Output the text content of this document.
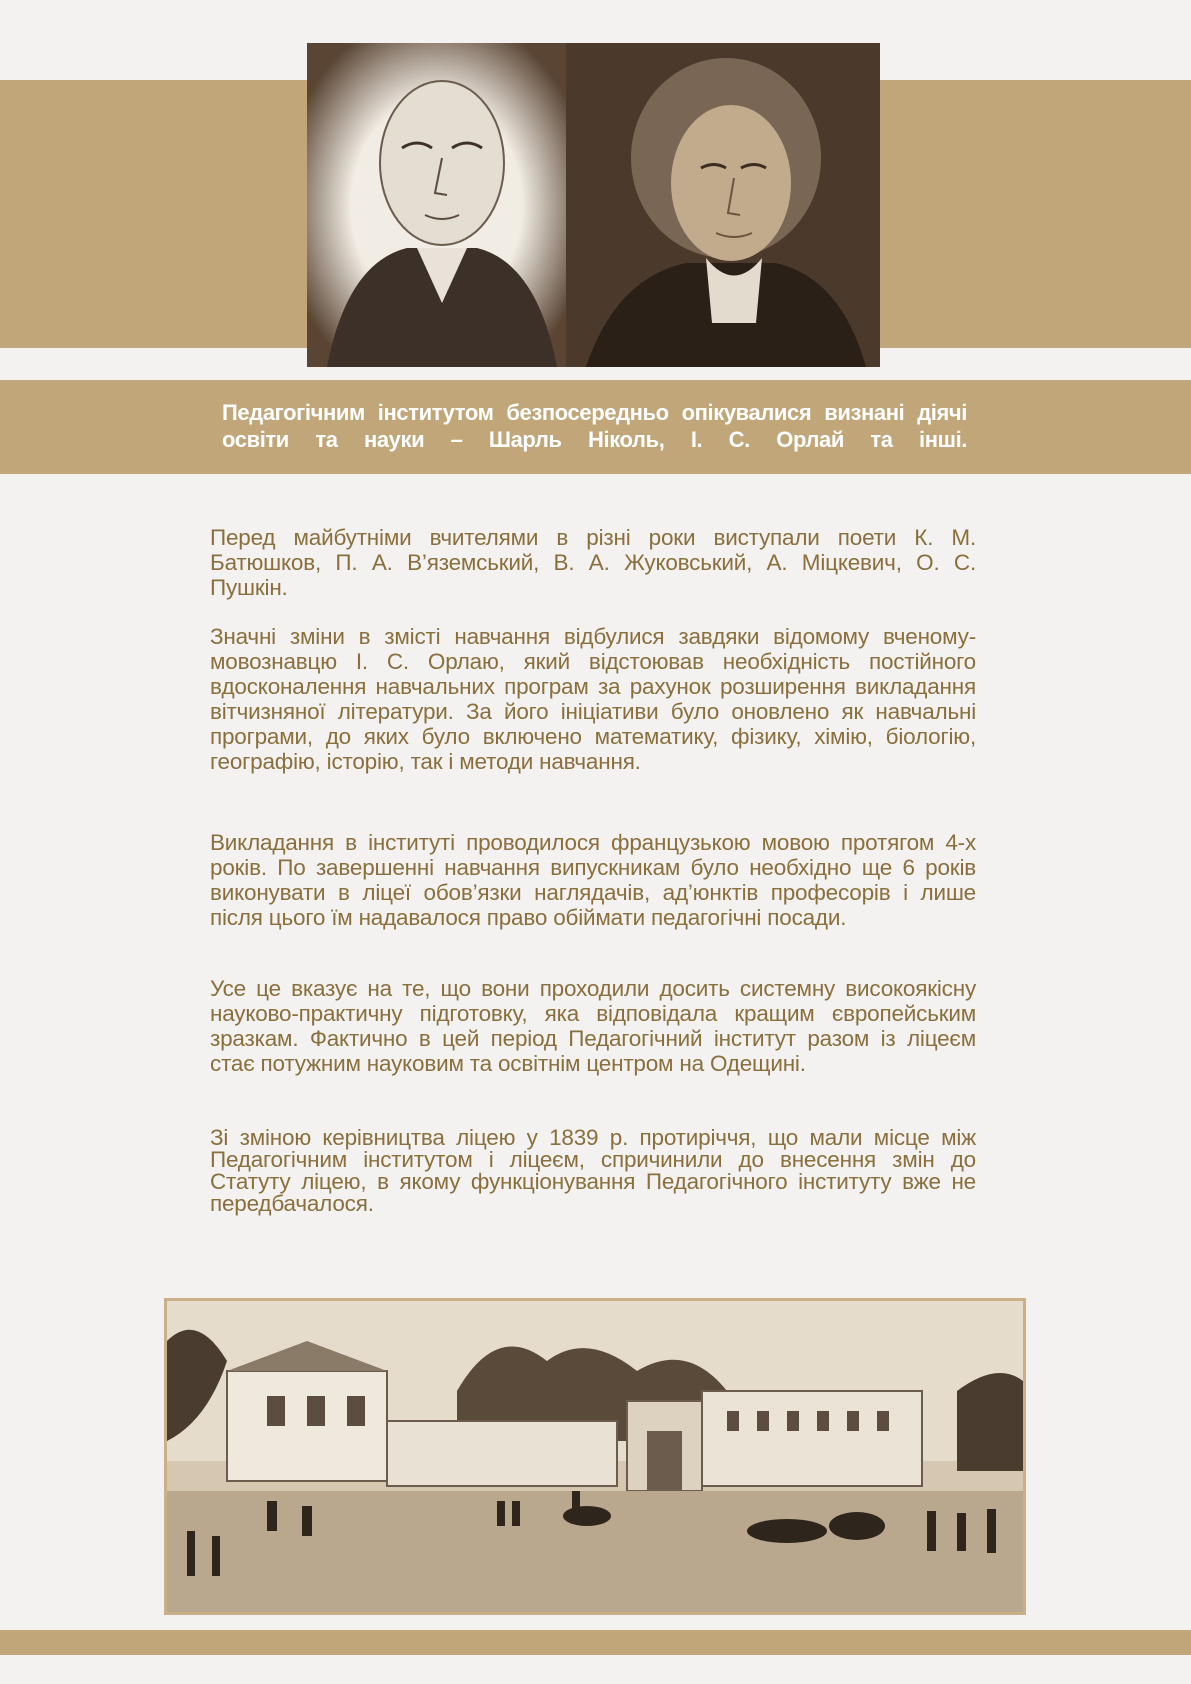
Педагогічним інститутом безпосередньо опікувалися визнані діячі освіти та науки – Шарль Ніколь, І. С. Орлай та інші.

Перед майбутніми вчителями в різні роки виступали поети К. М. Батюшков, П. А. В’яземський, В. А. Жуковський, А. Міцкевич, О. С. Пушкін.

Значні зміни в змісті навчання відбулися завдяки відомому вченому-мовознавцю І. С. Орлаю, який відстоював необхідність постійного вдосконалення навчальних програм за рахунок розширення викладання вітчизняної літератури. За його ініціативи було оновлено як навчальні програми, до яких було включено математику, фізику, хімію, біологію, географію, історію, так і методи навчання.

Викладання в інституті проводилося французькою мовою протягом 4-х років. По завершенні навчання випускникам було необхідно ще 6 років виконувати в ліцеї обов’язки наглядачів, ад’юнктів професорів і лише після цього їм надавалося право обіймати педагогічні посади.

Усе це вказує на те, що вони проходили досить системну високоякісну науково-практичну підготовку, яка відповідала кращим європейським зразкам. Фактично в цей період Педагогічний інститут разом із ліцеєм стає потужним науковим та освітнім центром на Одещині.

Зі зміною керівництва ліцею у 1839 р. протиріччя, що мали місце між Педагогічним інститутом і ліцеєм, спричинили до внесення змін до Статуту ліцею, в якому функціонування Педагогічного інституту вже не передбачалося.
